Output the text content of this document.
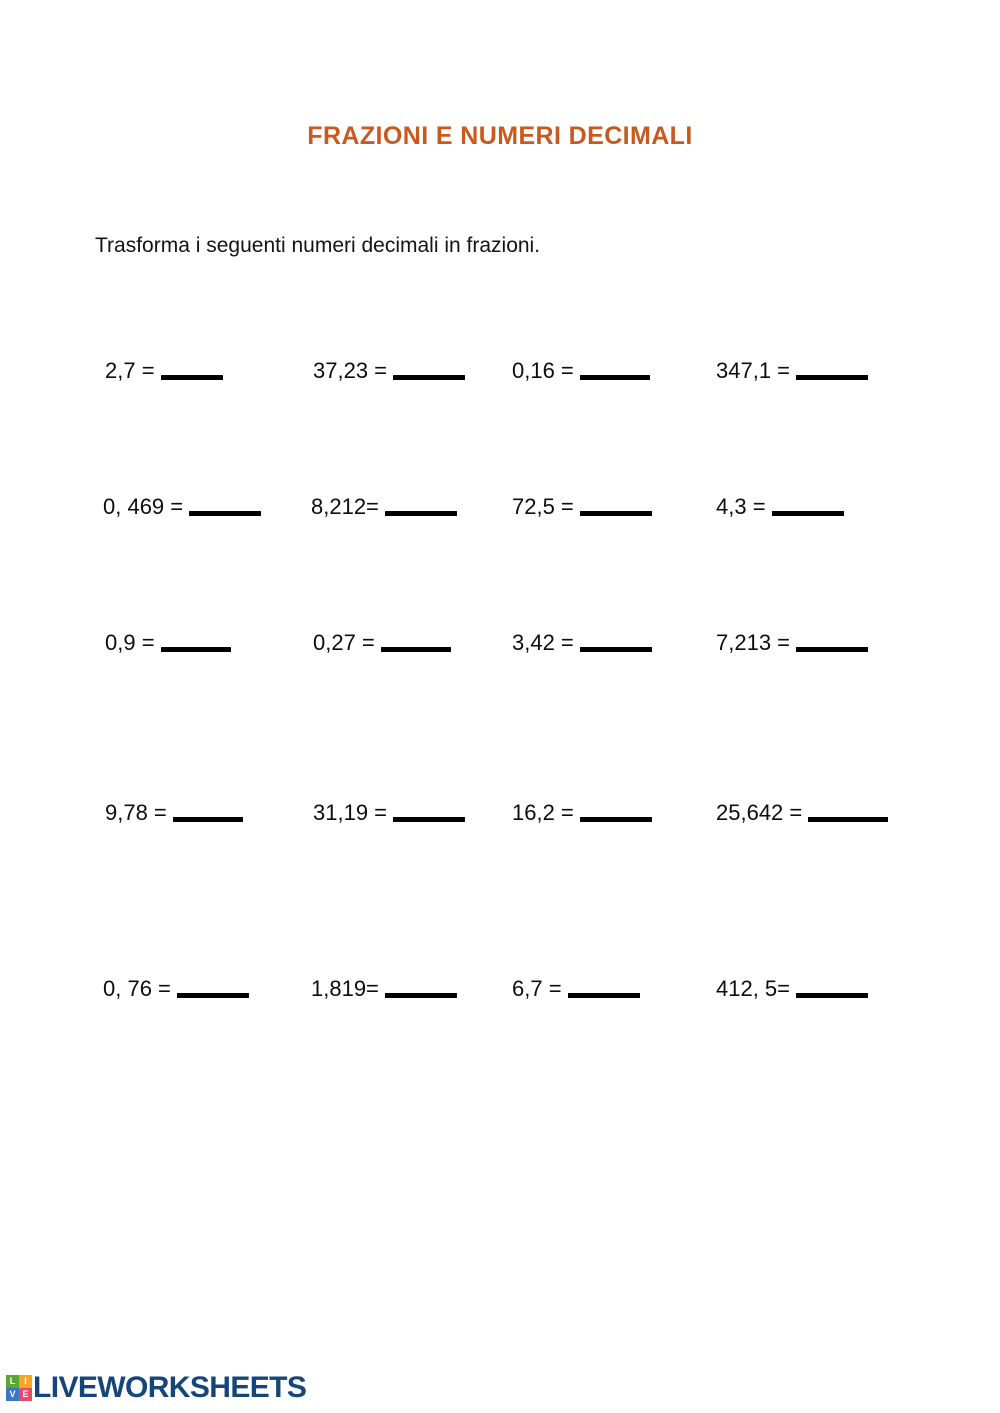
FRAZIONI E NUMERI DECIMALI
Trasforma i seguenti numeri decimali in frazioni.
2,7 =	37,23 =	0,16 =	347,1 =
0, 469 =	8,212=	72,5 =	4,3 =
0,9 =	0,27 =	3,42 =	7,213 =
9,78 =	31,19 =	16,2 =	25,642 =
0, 76 =	1,819=	6,7 =	412, 5=
L I
V E LIVEWORKSHEETS
